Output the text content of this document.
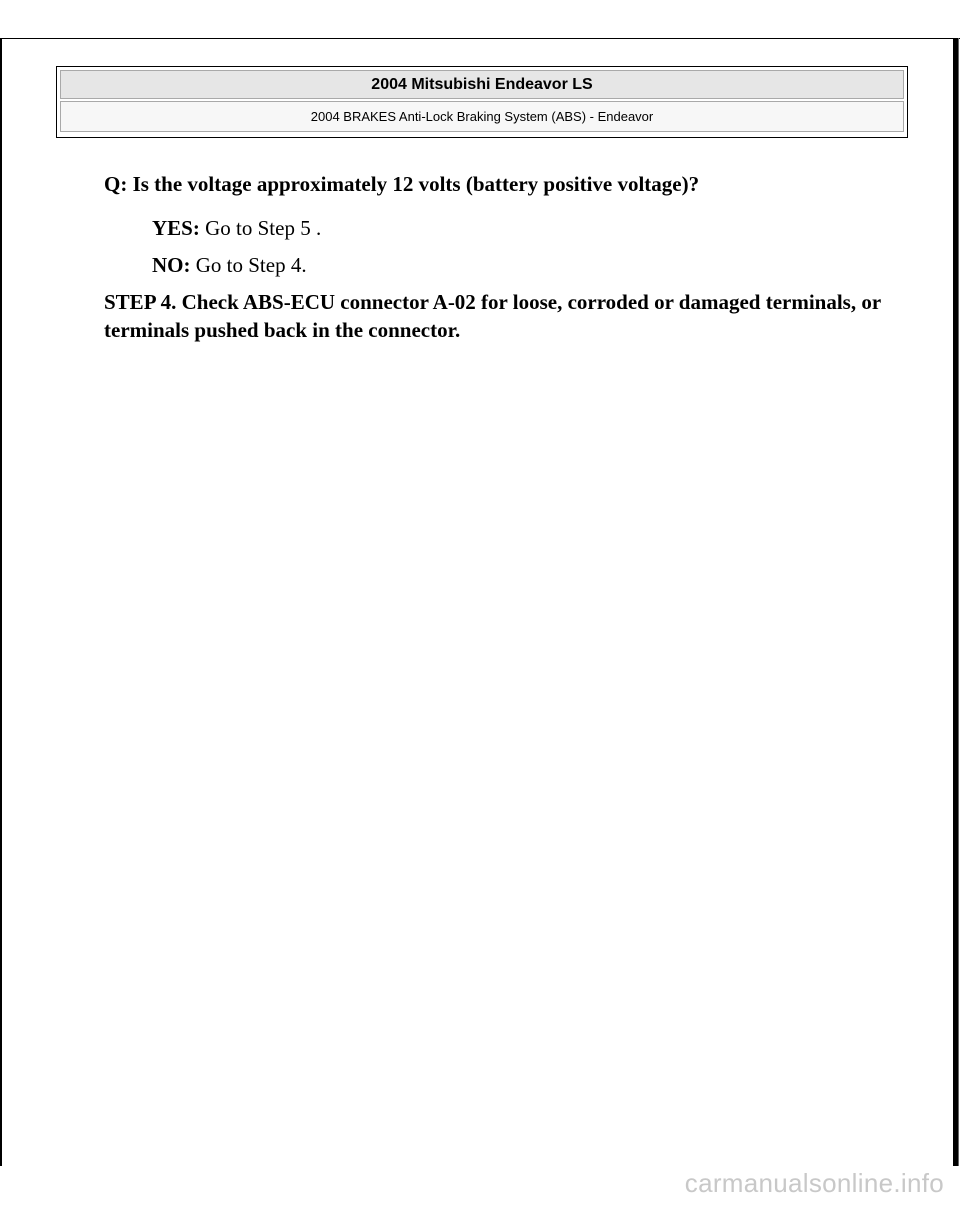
2004 Mitsubishi Endeavor LS
2004 BRAKES Anti-Lock Braking System (ABS) - Endeavor

Q: Is the voltage approximately 12 volts (battery positive voltage)?

YES: Go to Step 5 .

NO: Go to Step 4.

STEP 4. Check ABS-ECU connector A-02 for loose, corroded or damaged terminals, or terminals pushed back in the connector.

carmanualsonline.info
